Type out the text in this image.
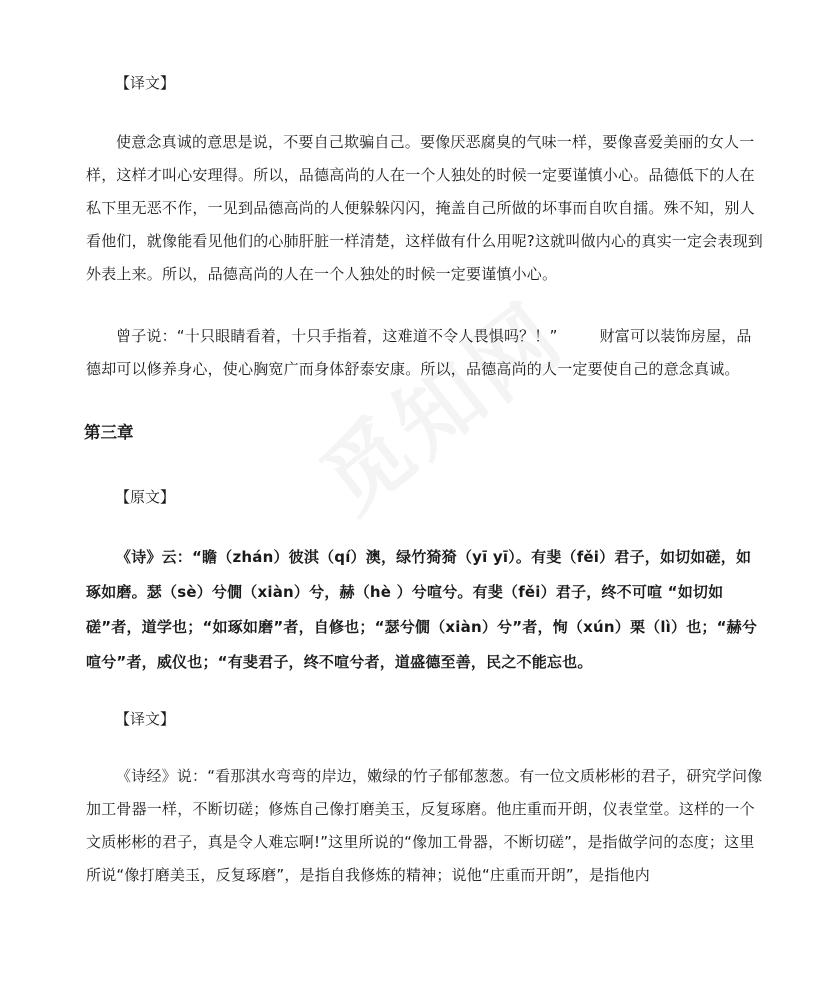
【译文】

使意念真诚的意思是说，不要自己欺骗自己。要像厌恶腐臭的气味一样，要像喜爱美丽的女人一样，这样才叫心安理得。所以，品德高尚的人在一个人独处的时候一定要谨慎小心。品德低下的人在私下里无恶不作，一见到品德高尚的人便躲躲闪闪，掩盖自己所做的坏事而自吹自擂。殊不知，别人看他们，就像能看见他们的心肺肝脏一样清楚，这样做有什么用呢?这就叫做内心的真实一定会表现到外表上来。所以，品德高尚的人在一个人独处的时候一定要谨慎小心。

曾子说：“十只眼睛看着，十只手指着，这难道不令人畏惧吗？！”	财富可以装饰房屋，品德却可以修养身心，使心胸宽广而身体舒泰安康。所以，品德高尚的人一定要使自己的意念真诚。

第三章
【原文】

《诗》云：“瞻（zhán）彼淇（qí）澳，绿竹猗猗（yī yī）。有斐（fěi）君子，如切如磋，如琢如磨。瑟（sè）兮僩（xiàn）兮，赫（hè ）兮喧兮。有斐（fěi）君子，终不可喧 “如切如磋”者，道学也；“如琢如磨”者，自修也；“瑟兮僩（xiàn）兮”者，恂（xún）栗（lì）也；“赫兮喧兮”者，威仪也；“有斐君子，终不喧兮者，道盛德至善，民之不能忘也。

【译文】

《诗经》说：“看那淇水弯弯的岸边，嫩绿的竹子郁郁葱葱。有一位文质彬彬的君子，研究学问像加工骨器一样，不断切磋；修炼自己像打磨美玉，反复琢磨。他庄重而开朗，仪表堂堂。这样的一个文质彬彬的君子，真是令人难忘啊!”这里所说的“像加工骨器，不断切磋”，是指做学问的态度；这里所说“像打磨美玉，反复琢磨”，是指自我修炼的精神；说他“庄重而开朗”，是指他内
